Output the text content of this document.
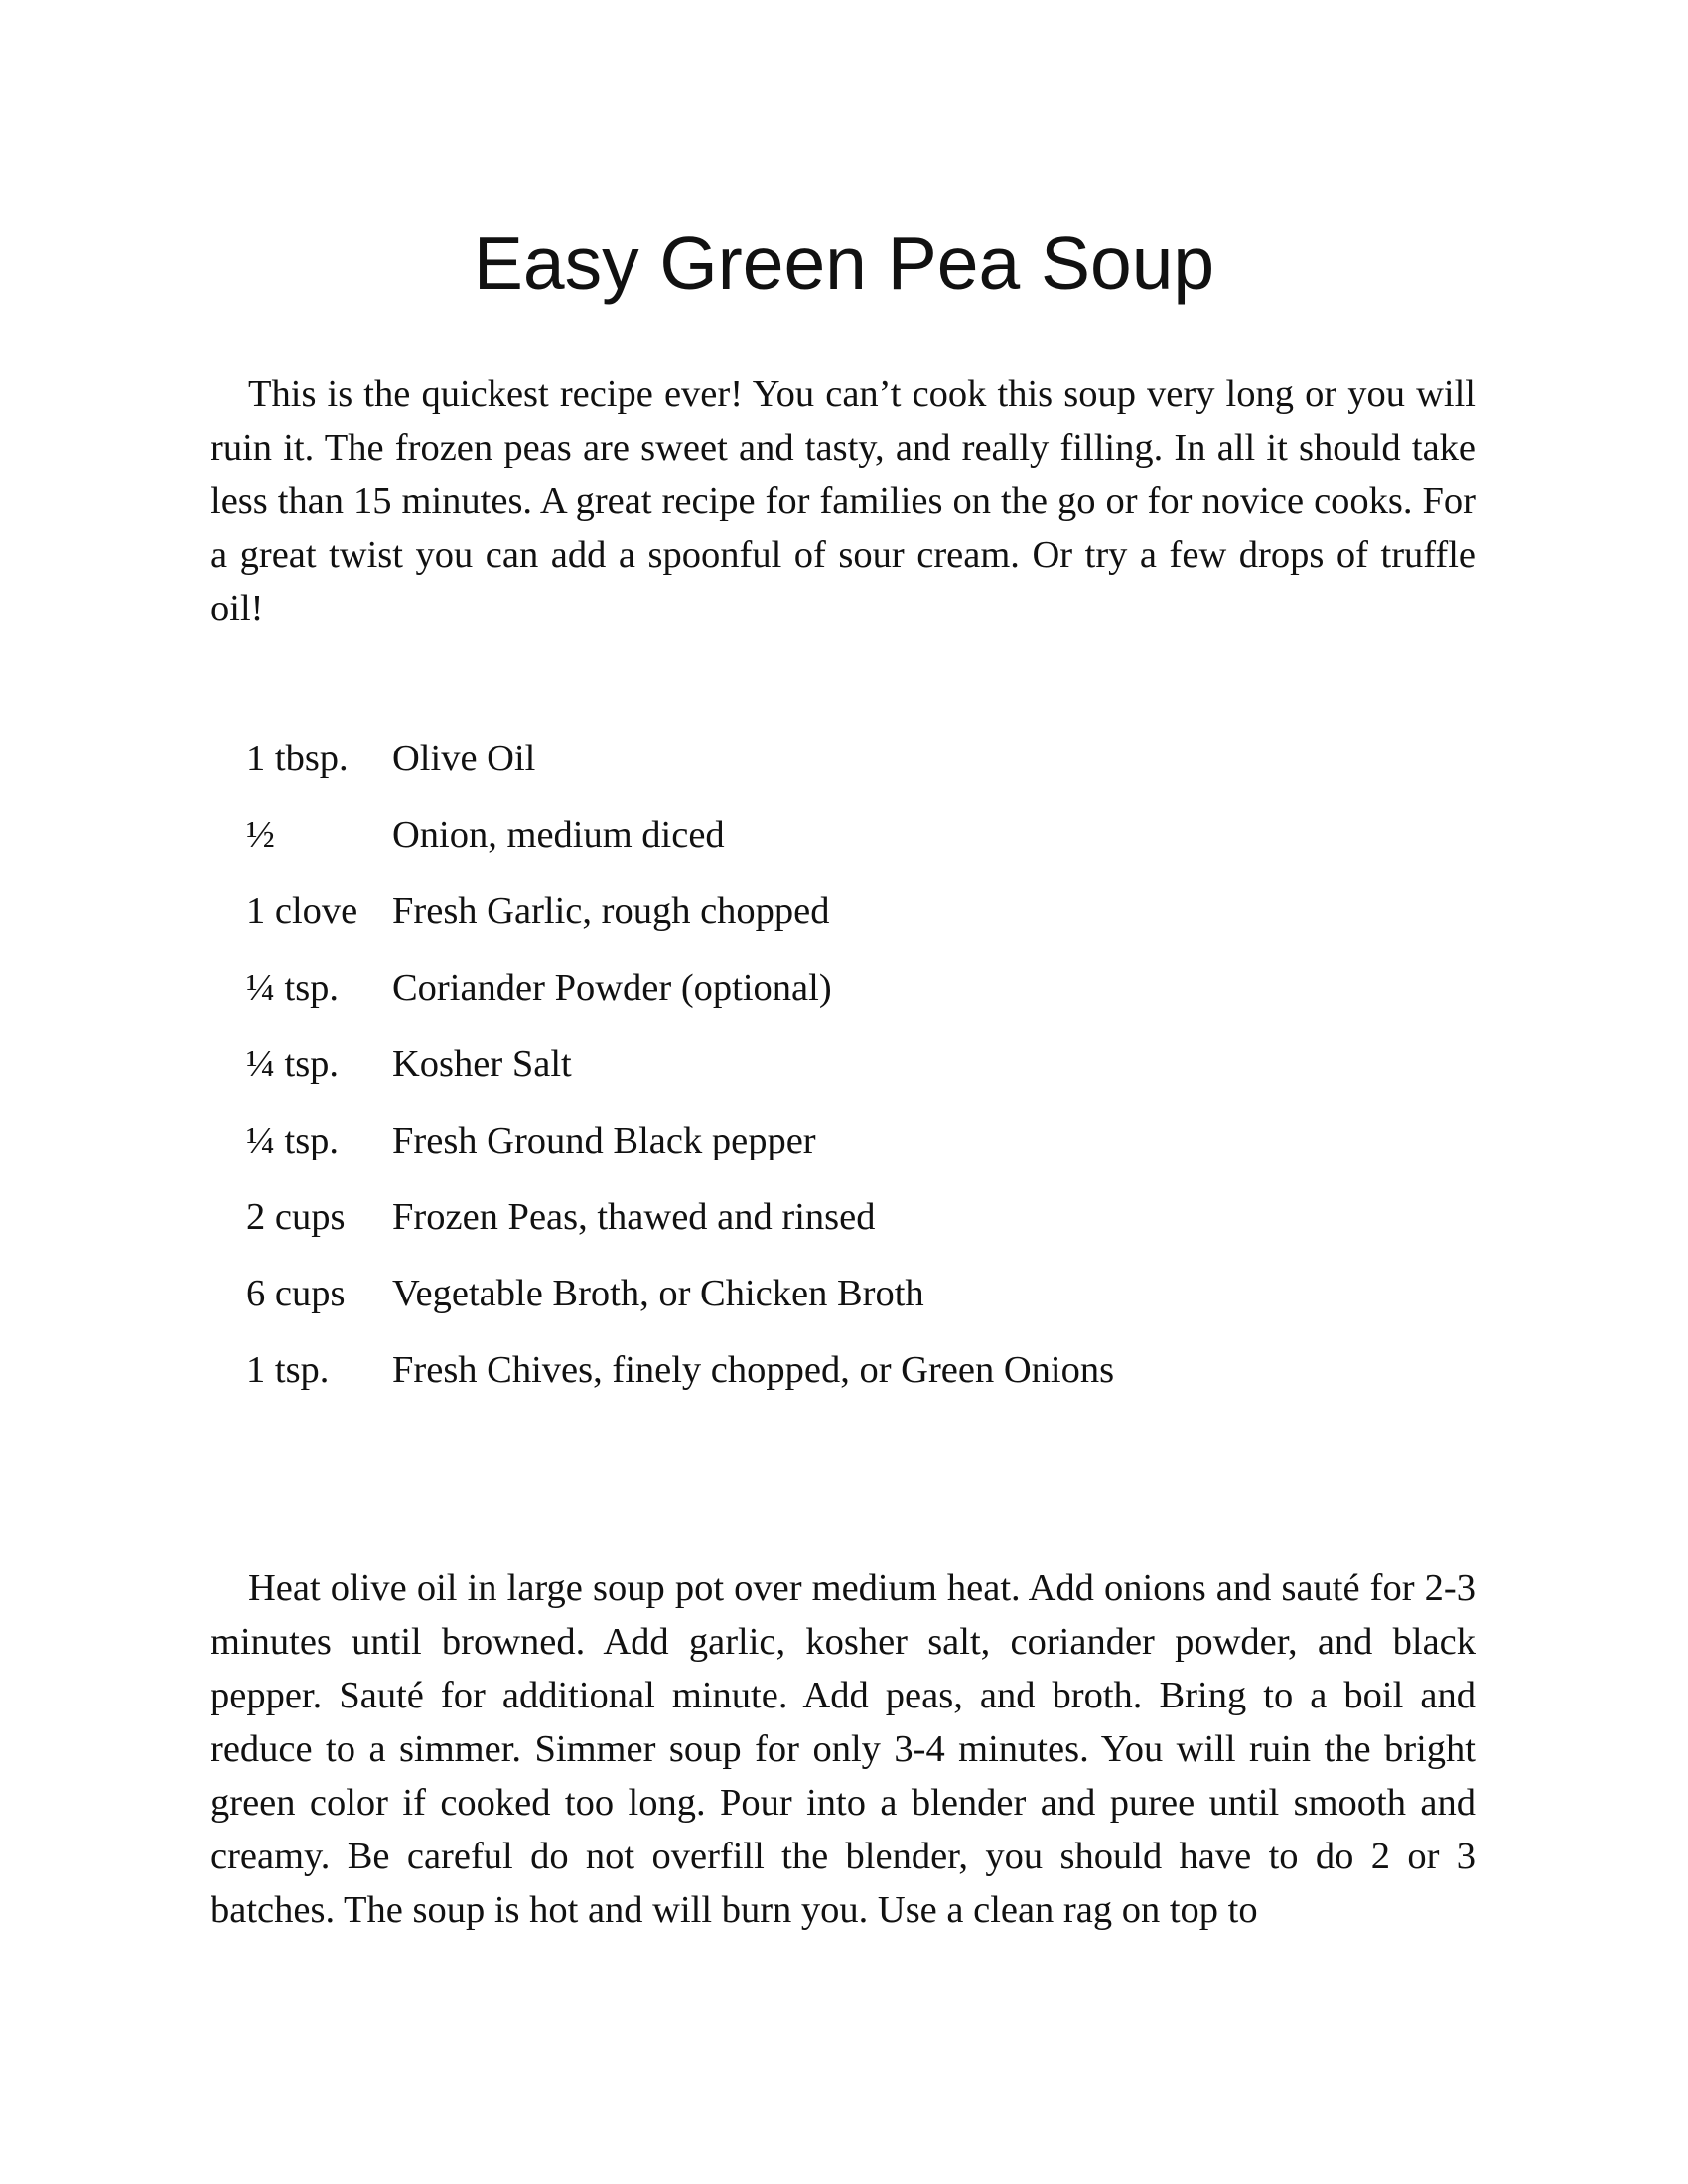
Easy Green Pea Soup

This is the quickest recipe ever! You can’t cook this soup very long or you will ruin it. The frozen peas are sweet and tasty, and really filling. In all it should take less than 15 minutes. A great recipe for families on the go or for novice cooks. For a great twist you can add a spoonful of sour cream. Or try a few drops of truffle oil!

1 tbsp.	Olive Oil
½	Onion, medium diced
1 clove Fresh Garlic, rough chopped
¼ tsp.	Coriander Powder (optional)
¼ tsp.	Kosher Salt
¼ tsp.	Fresh Ground Black pepper
2 cups	Frozen Peas, thawed and rinsed
6 cups	Vegetable Broth, or Chicken Broth
1 tsp.	Fresh Chives, finely chopped, or Green Onions

Heat olive oil in large soup pot over medium heat. Add onions and sauté for 2-3 minutes until browned. Add garlic, kosher salt, coriander powder, and black pepper. Sauté for additional minute. Add peas, and broth. Bring to a boil and reduce to a simmer. Simmer soup for only 3-4 minutes. You will ruin the bright green color if cooked too long. Pour into a blender and puree until smooth and creamy. Be careful do not overfill the blender, you should have to do 2 or 3 batches. The soup is hot and will burn you. Use a clean rag on top to
